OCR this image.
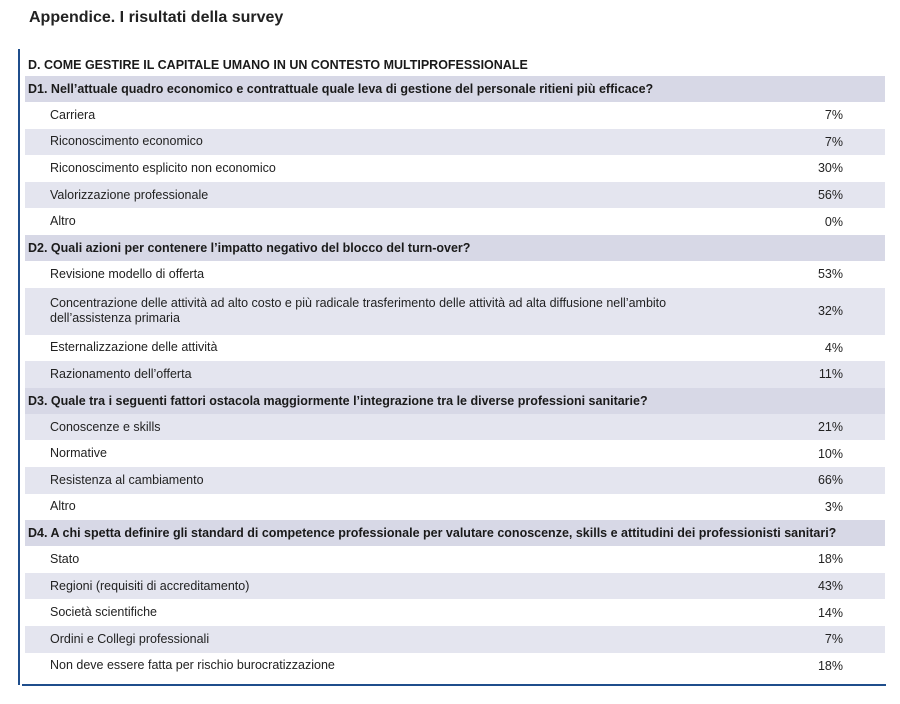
Appendice. I risultati della survey
D. COME GESTIRE IL CAPITALE UMANO IN UN CONTESTO MULTIPROFESSIONALE
D1. Nell’attuale quadro economico e contrattuale quale leva di gestione del personale ritieni più efficace?
Carriera	7%
Riconoscimento economico	7%
Riconoscimento esplicito non economico	30%
Valorizzazione professionale	56%
Altro	0%
D2. Quali azioni per contenere l’impatto negativo del blocco del turn-over?
Revisione modello di offerta	53%
Concentrazione delle attività ad alto costo e più radicale trasferimento delle attività ad alta diffusione nell’ambito dell’assistenza primaria	32%
Esternalizzazione delle attività	4%
Razionamento dell’offerta	11%
D3. Quale tra i seguenti fattori ostacola maggiormente l’integrazione tra le diverse professioni sanitarie?
Conoscenze e skills	21%
Normative	10%
Resistenza al cambiamento	66%
Altro	3%
D4. A chi spetta definire gli standard di competence professionale per valutare conoscenze, skills e attitudini dei professionisti sanitari?
Stato	18%
Regioni (requisiti di accreditamento)	43%
Società scientifiche	14%
Ordini e Collegi professionali	7%
Non deve essere fatta per rischio burocratizzazione	18%
